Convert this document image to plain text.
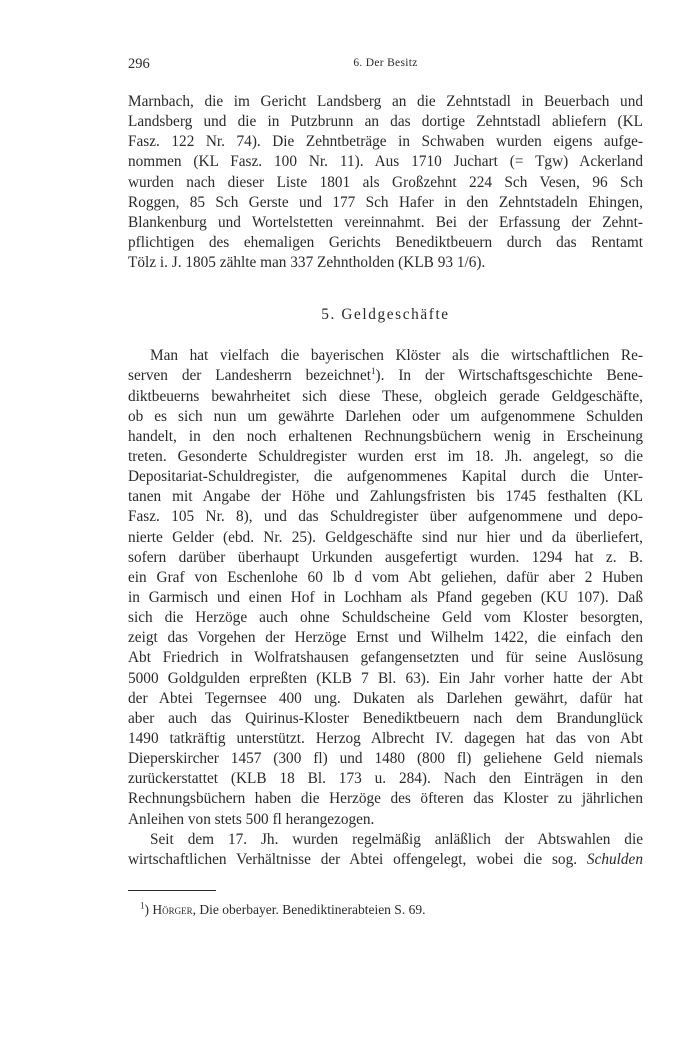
296	6. Der Besitz
Marnbach, die im Gericht Landsberg an die Zehntstadl in Beuerbach und
Landsberg und die in Putzbrunn an das dortige Zehntstadl abliefern (KL
Fasz. 122 Nr. 74). Die Zehntbeträge in Schwaben wurden eigens aufge-
nommen (KL Fasz. 100 Nr. 11). Aus 1710 Juchart (= Tgw) Ackerland
wurden nach dieser Liste 1801 als Großzehnt 224 Sch Vesen, 96 Sch
Roggen, 85 Sch Gerste und 177 Sch Hafer in den Zehntstadeln Ehingen,
Blankenburg und Wortelstetten vereinnahmt. Bei der Erfassung der Zehnt-
pflichtigen des ehemaligen Gerichts Benediktbeuern durch das Rentamt
Tölz i. J. 1805 zählte man 337 Zehntholden (KLB 93 1/6).
5. Geldgeschäfte
Man hat vielfach die bayerischen Klöster als die wirtschaftlichen Re-
serven der Landesherrn bezeichnet$^1$). In der Wirtschaftsgeschichte Bene-
diktbeuerns bewahrheitet sich diese These, obgleich gerade Geldgeschäfte,
ob es sich nun um gewährte Darlehen oder um aufgenommene Schulden
handelt, in den noch erhaltenen Rechnungsbüchern wenig in Erscheinung
treten. Gesonderte Schuldregister wurden erst im 18. Jh. angelegt, so die
Depositariat-Schuldregister, die aufgenommenes Kapital durch die Unter-
tanen mit Angabe der Höhe und Zahlungsfristen bis 1745 festhalten (KL
Fasz. 105 Nr. 8), und das Schuldregister über aufgenommene und depo-
nierte Gelder (ebd. Nr. 25). Geldgeschäfte sind nur hier und da überliefert,
sofern darüber überhaupt Urkunden ausgefertigt wurden. 1294 hat z. B.
ein Graf von Eschenlohe 60 lb d vom Abt geliehen, dafür aber 2 Huben
in Garmisch und einen Hof in Lochham als Pfand gegeben (KU 107). Daß
sich die Herzöge auch ohne Schuldscheine Geld vom Kloster besorgten,
zeigt das Vorgehen der Herzöge Ernst und Wilhelm 1422, die einfach den
Abt Friedrich in Wolfratshausen gefangensetzten und für seine Auslösung
5000 Goldgulden erpreßten (KLB 7 Bl. 63). Ein Jahr vorher hatte der Abt
der Abtei Tegernsee 400 ung. Dukaten als Darlehen gewährt, dafür hat
aber auch das Quirinus-Kloster Benediktbeuern nach dem Brandunglück
1490 tatkräftig unterstützt. Herzog Albrecht IV. dagegen hat das von Abt
Dieperskircher 1457 (300 fl) und 1480 (800 fl) geliehene Geld niemals
zurückerstattet (KLB 18 Bl. 173 u. 284). Nach den Einträgen in den
Rechnungsbüchern haben die Herzöge des öfteren das Kloster zu jährlichen
Anleihen von stets 500 fl herangezogen.
Seit dem 17. Jh. wurden regelmäßig anläßlich der Abtswahlen die
wirtschaftlichen Verhältnisse der Abtei offengelegt, wobei die sog. Schulden
$^1$) Hörger, Die oberbayer. Benediktinerabteien S. 69.
